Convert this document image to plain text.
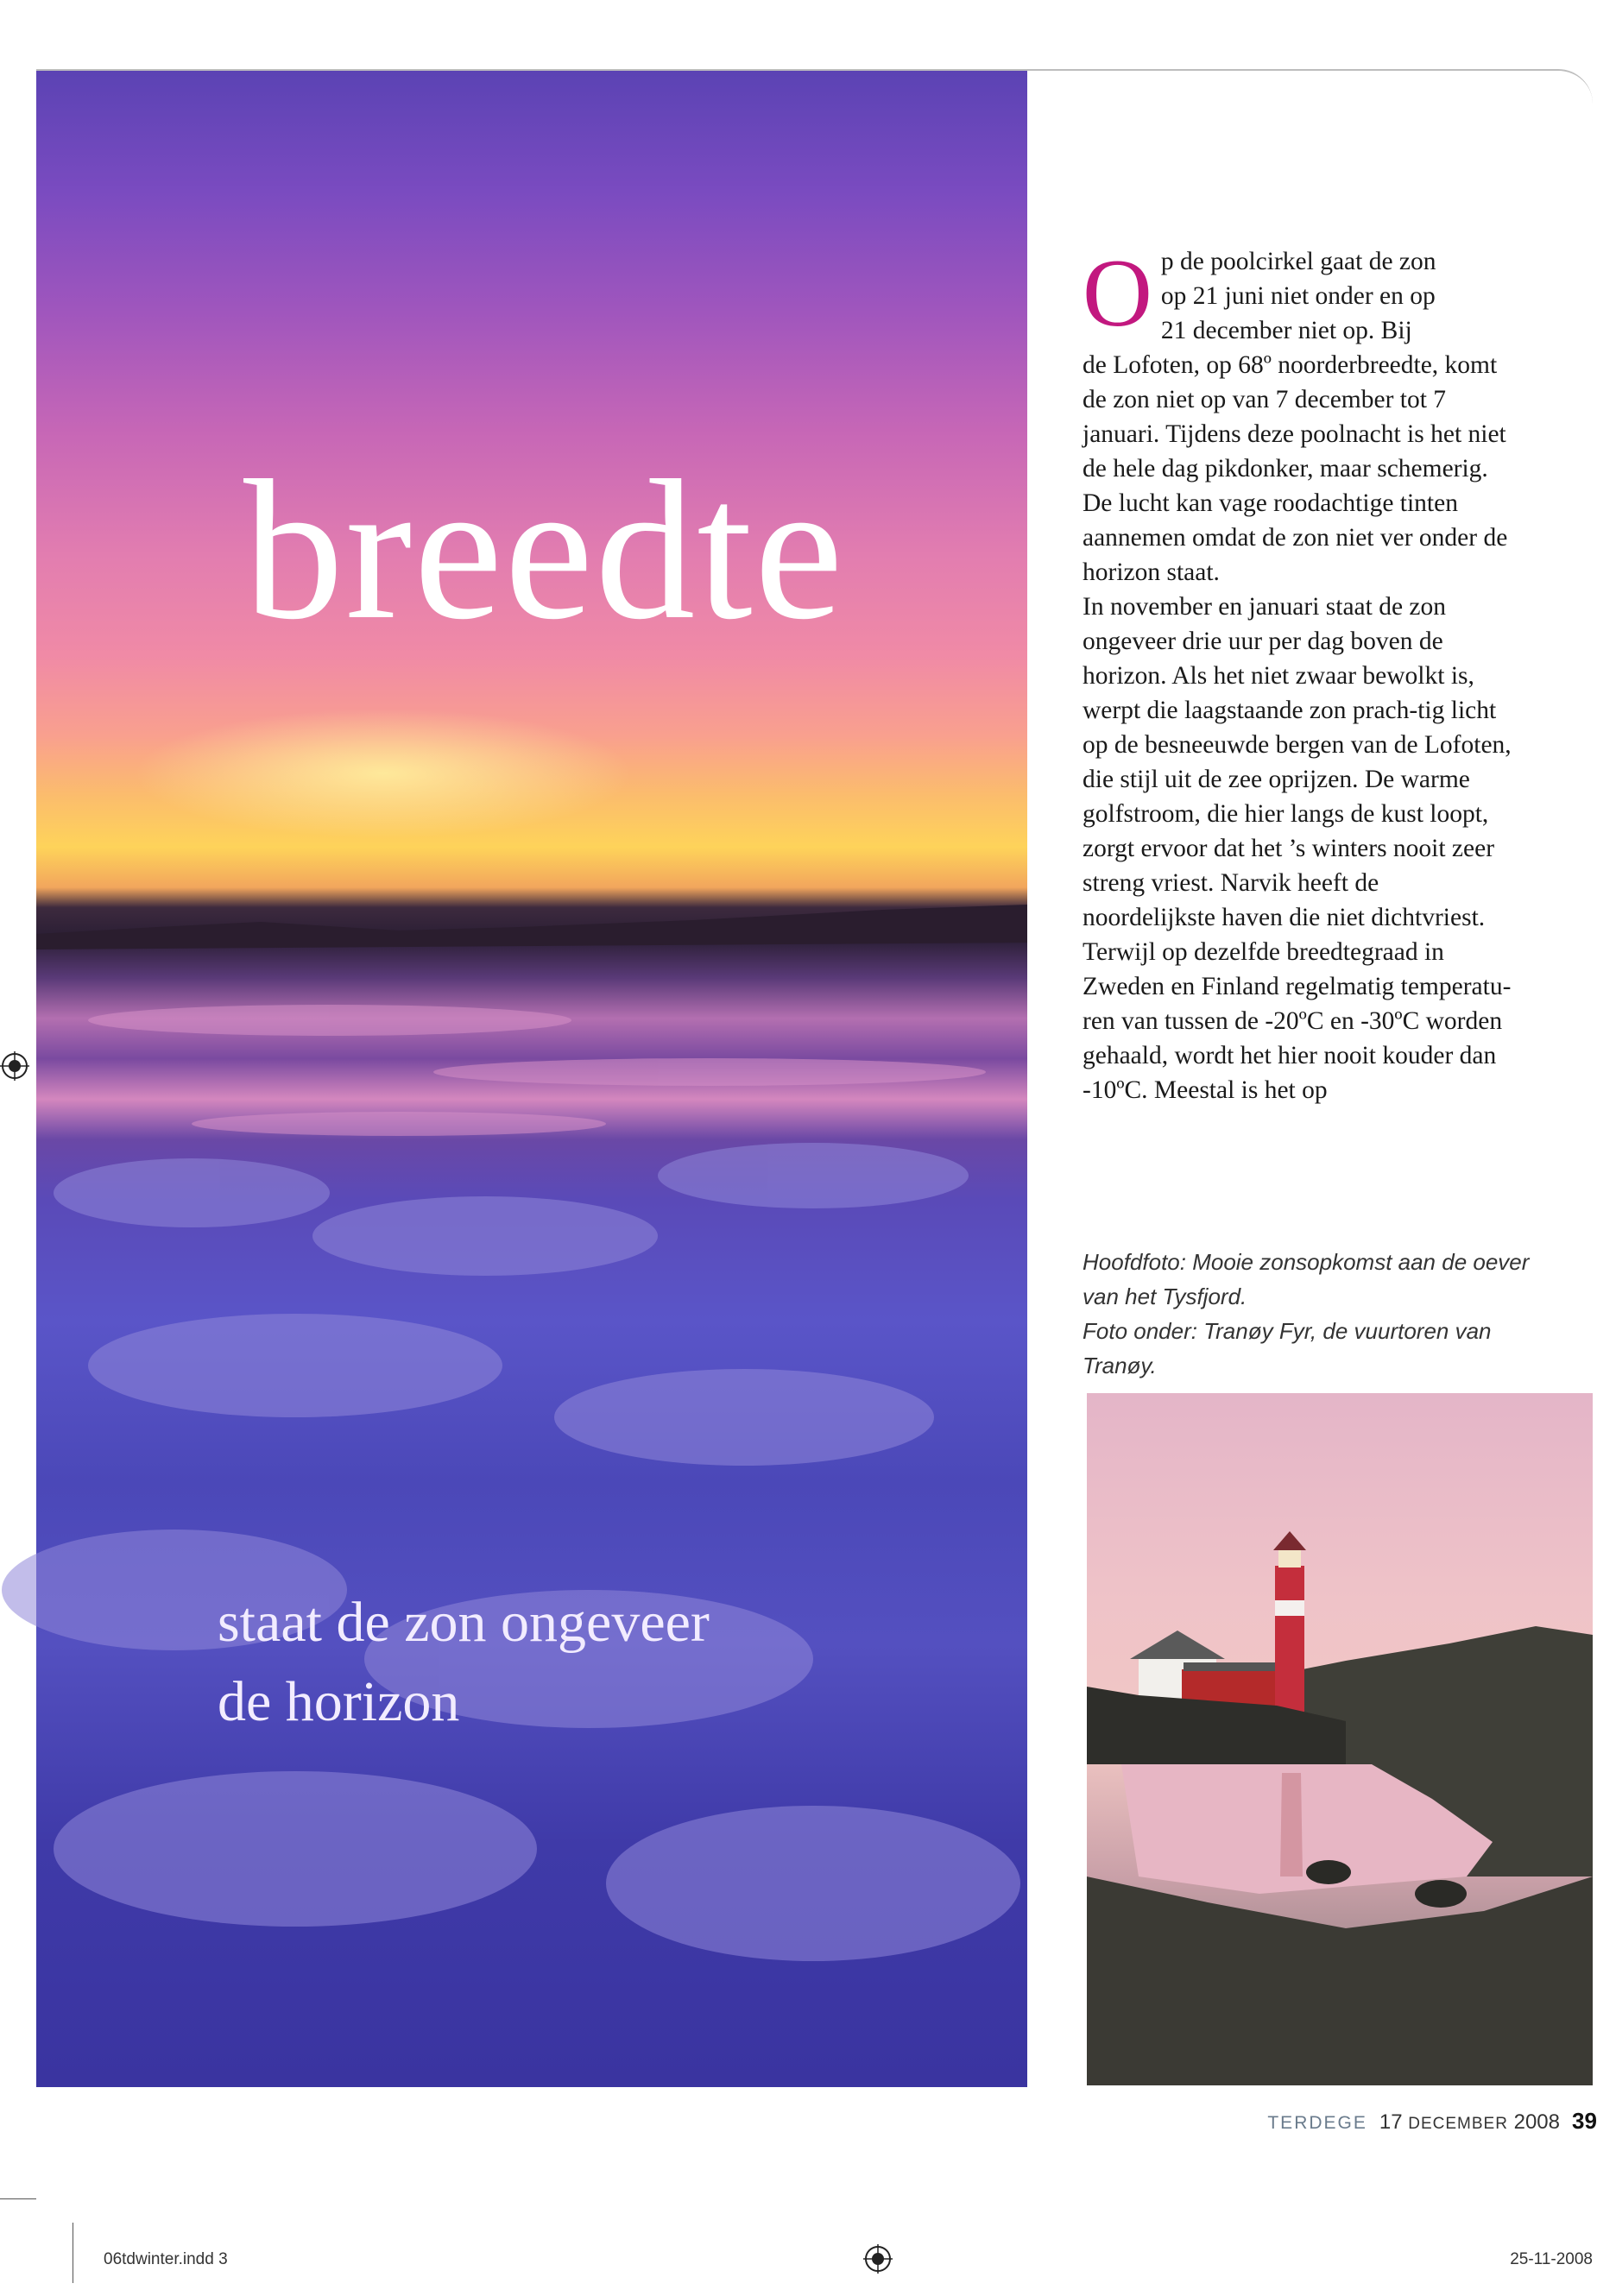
breedte
staat de zon ongeveer
de horizon

O p de poolcirkel gaat de zon
op 21 juni niet onder en op
21 december niet op. Bij
de Lofoten, op 68º noorderbreedte, komt de zon niet op van 7 december tot 7 januari. Tijdens deze poolnacht is het niet de hele dag pikdonker, maar schemerig. De lucht kan vage roodachtige tinten aannemen omdat de zon niet ver onder de horizon staat.

In november en januari staat de zon ongeveer drie uur per dag boven de horizon. Als het niet zwaar bewolkt is, werpt die laagstaande zon prach-tig licht op de besneeuwde bergen van de Lofoten, die stijl uit de zee oprijzen. De warme golfstroom, die hier langs de kust loopt, zorgt ervoor dat het ’s winters nooit zeer streng vriest. Narvik heeft de noordelijkste haven die niet dichtvriest. Terwijl op dezelfde breedtegraad in Zweden en Finland regelmatig temperatu-ren van tussen de -20ºC en -30ºC worden gehaald, wordt het hier nooit kouder dan -10ºC. Meestal is het op

Hoofdfoto: Mooie zonsopkomst aan de oever van het Tysfjord.
Foto onder: Tranøy Fyr, de vuurtoren van Tranøy.
TERDEGE 17 DECEMBER 2008 39
06tdwinter.indd 3	25-11-2008
